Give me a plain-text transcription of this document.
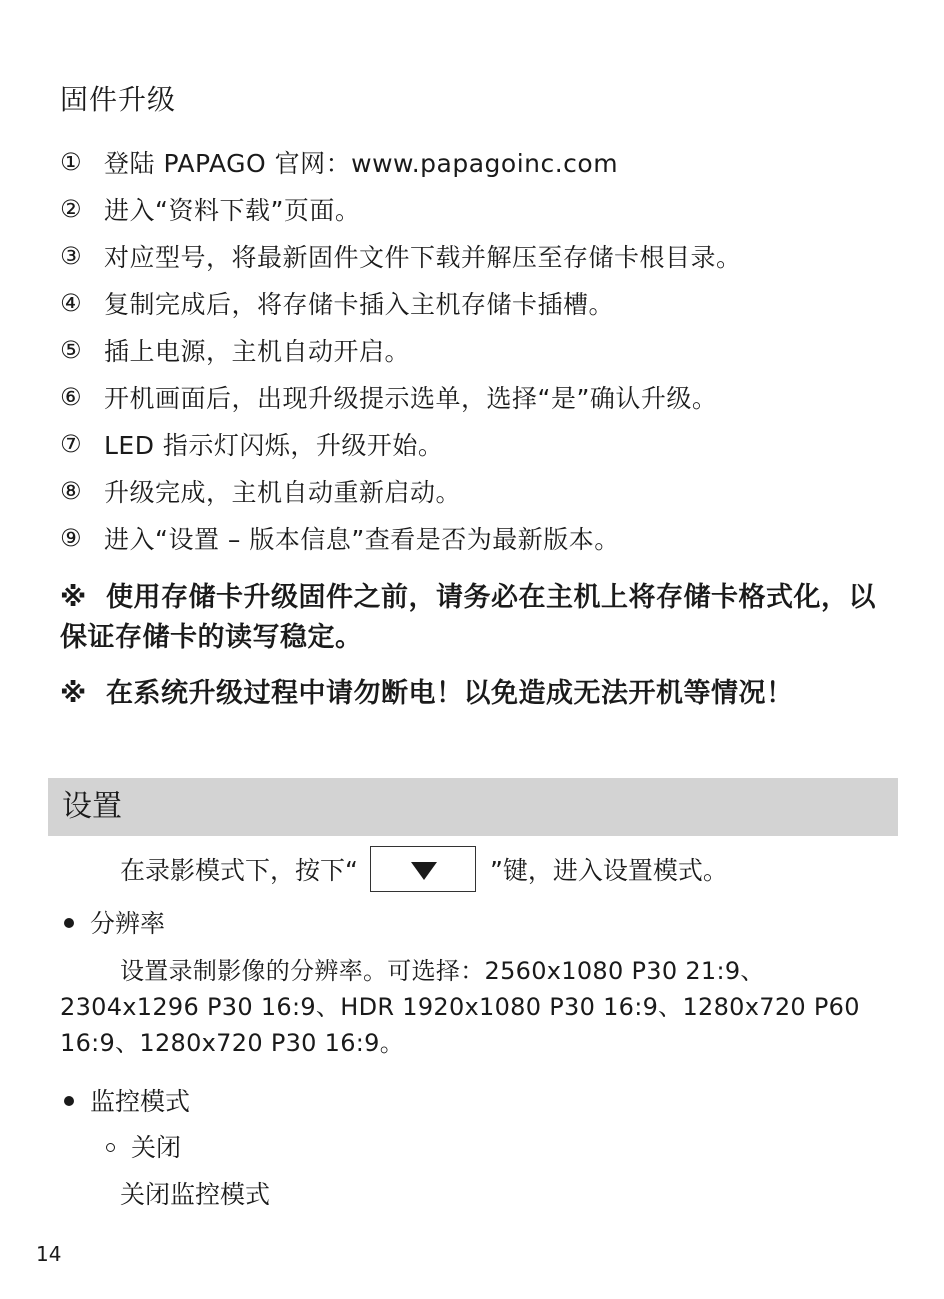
固件升级
① 登陆 PAPAGO 官网：www.papagoinc.com
② 进入“资料下载”页面。
③ 对应型号，将最新固件文件下载并解压至存储卡根目录。
④ 复制完成后，将存储卡插入主机存储卡插槽。
⑤ 插上电源，主机自动开启。
⑥ 开机画面后，出现升级提示选单，选择“是”确认升级。
⑦ LED 指示灯闪烁，升级开始。
⑧ 升级完成，主机自动重新启动。
⑨ 进入“设置 – 版本信息”查看是否为最新版本。
※ 使用存储卡升级固件之前，请务必在主机上将存储卡格式化，以保证存储卡的读写稳定。
※ 在系统升级过程中请勿断电！以免造成无法开机等情况！
设置
在录影模式下，按下“	”键，进入设置模式。
分辨率
设置录制影像的分辨率。可选择：2560x1080 P30 21:9、2304x1296 P30 16:9、HDR 1920x1080 P30 16:9、1280x720 P60 16:9、1280x720 P30 16:9。
监控模式
关闭
关闭监控模式
14
